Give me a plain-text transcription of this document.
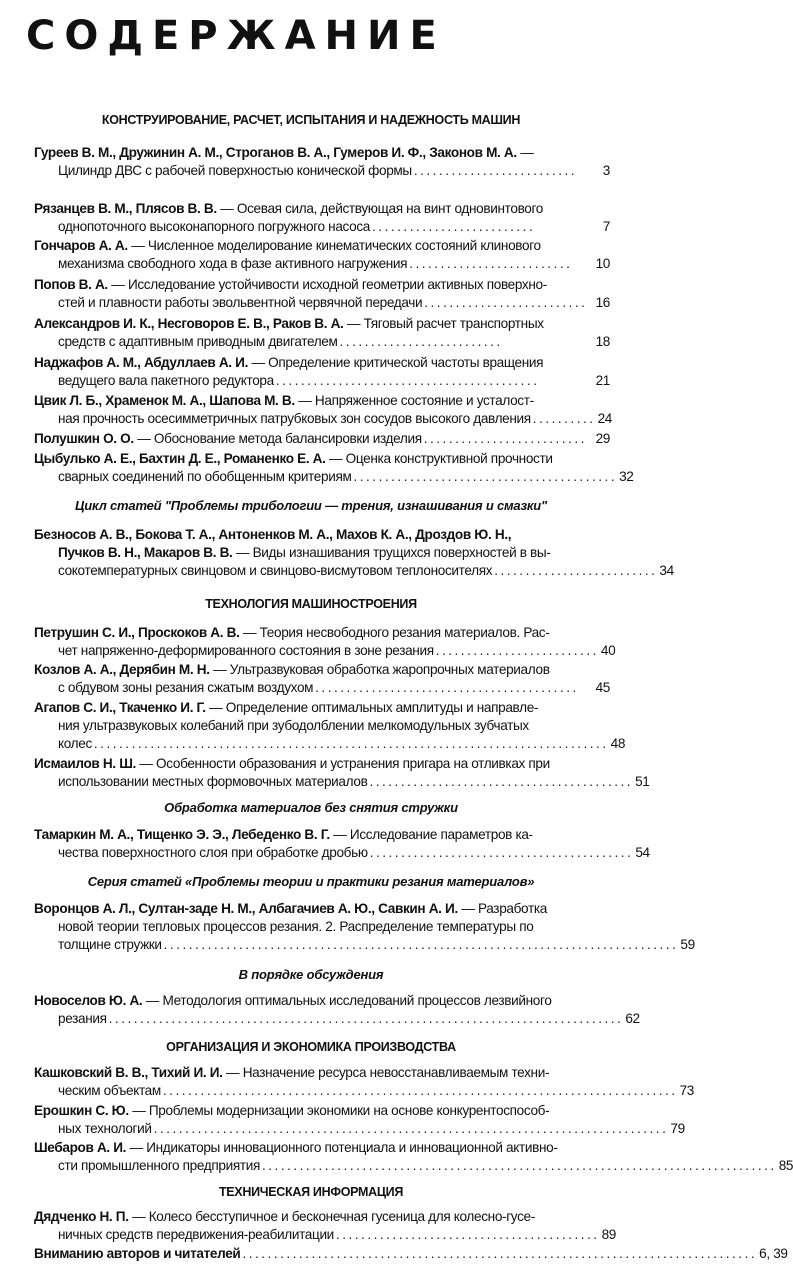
СОДЕРЖАНИЕ
КОНСТРУИРОВАНИЕ, РАСЧЕТ, ИСПЫТАНИЯ И НАДЕЖНОСТЬ МАШИН
Гуреев В. М., Дружинин А. М., Строганов В. А., Гумеров И. Ф., Законов М. А. —
Цилиндр ДВС с рабочей поверхностью конической формы ..........................	3
Рязанцев В. М., Плясов В. В. — Осевая сила, действующая на винт одновинтового
однопоточного высоконапорного погружного насоса ..........................	7
Гончаров А. А. — Численное моделирование кинематических состояний клинового
механизма свободного хода в фазе активного нагружения ..........................	10
Попов В. А. — Исследование устойчивости исходной геометрии активных поверхно-
стей и плавности работы эвольвентной червячной передачи .......................... 16
Александров И. К., Несговоров Е. В., Раков В. А. — Тяговый расчет транспортных
средств с адаптивным приводным двигателем ..........................	18
Наджафов А. М., Абдуллаев А. И. — Определение критической частоты вращения
ведущего вала пакетного редуктора ..........................................	21
Цвик Л. Б., Храменок М. А., Шапова М. В. — Напряженное состояние и усталост-
ная прочность осесимметричных патрубковых зон сосудов высокого давления .......... 24
Полушкин О. О. — Обоснование метода балансировки изделия .......................... 29
Цыбулько А. Е., Бахтин Д. Е., Романенко Е. А. — Оценка конструктивной прочности
сварных соединений по обобщенным критериям .......................................... 32
Цикл статей "Проблемы трибологии — трения, изнашивания и смазки"
Безносов А. В., Бокова Т. А., Антоненков М. А., Махов К. А., Дроздов Ю. Н.,
Пучков В. Н., Макаров В. В. — Виды изнашивания трущихся поверхностей в вы-
сокотемпературных свинцовом и свинцово-висмутовом теплоносителях .......................... 34
ТЕХНОЛОГИЯ МАШИНОСТРОЕНИЯ
Петрушин С. И., Проскоков А. В. — Теория несвободного резания материалов. Рас-
чет напряженно-деформированного состояния в зоне резания .......................... 40
Козлов А. А., Дерябин М. Н. — Ультразвуковая обработка жаропрочных материалов
с обдувом зоны резания сжатым воздухом ..........................................	45
Агапов С. И., Ткаченко И. Г. — Определение оптимальных амплитуды и направле-
ния ультразвуковых колебаний при зубодолблении мелкомодульных зубчатых
колес .................................................................................. 48
Исмаилов Н. Ш. — Особенности образования и устранения пригара на отливках при
использовании местных формовочных материалов .......................................... 51
Обработка материалов без снятия стружки
Тамаркин М. А., Тищенко Э. Э., Лебеденко В. Г. — Исследование параметров ка-
чества поверхностного слоя при обработке дробью .......................................... 54
Серия статей «Проблемы теории и практики резания материалов»
Воронцов А. Л., Султан-заде Н. М., Албагачиев А. Ю., Савкин А. И. — Разработка
новой теории тепловых процессов резания. 2. Распределение температуры по
толщине стружки .................................................................................. 59
В порядке обсуждения
Новоселов Ю. А. — Методология оптимальных исследований процессов лезвийного
резания .................................................................................. 62
ОРГАНИЗАЦИЯ И ЭКОНОМИКА ПРОИЗВОДСТВА
Кашковский В. В., Тихий И. И. — Назначение ресурса невосстанавливаемым техни-
ческим объектам .................................................................................. 73
Ерошкин С. Ю. — Проблемы модернизации экономики на основе конкурентоспособ-
ных технологий .................................................................................. 79
Шебаров А. И. — Индикаторы инновационного потенциала и инновационной активно-
сти промышленного предприятия .................................................................................. 85
ТЕХНИЧЕСКАЯ ИНФОРМАЦИЯ
Дядченко Н. П. — Колесо бесступичное и бесконечная гусеница для колесно-гусе-
ничных средств передвижения-реабилитации .......................................... 89
Вниманию авторов и читателей .................................................................................. 6, 39
